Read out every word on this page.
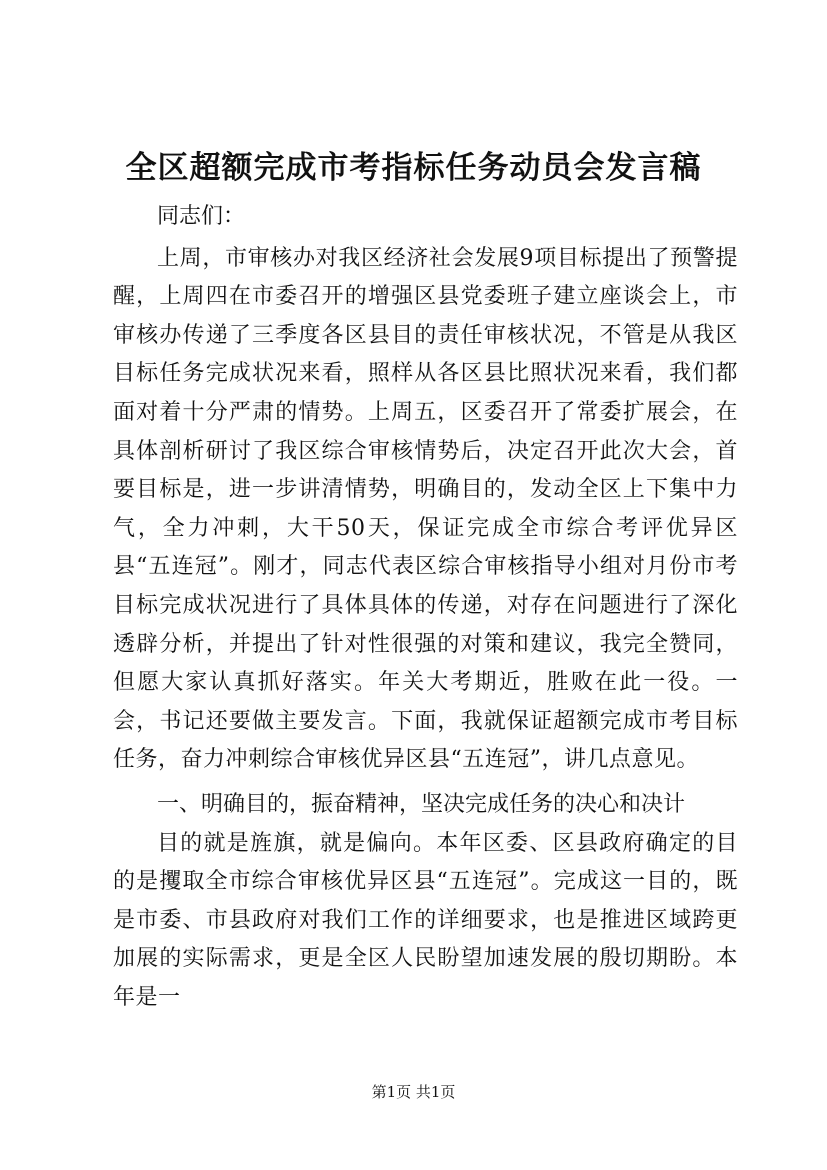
全区超额完成市考指标任务动员会发言稿

同志们：

上周，市审核办对我区经济社会发展9项目标提出了预警提醒，上周四在市委召开的增强区县党委班子建立座谈会上，市审核办传递了三季度各区县目的责任审核状况，不管是从我区目标任务完成状况来看，照样从各区县比照状况来看，我们都面对着十分严肃的情势。上周五，区委召开了常委扩展会，在具体剖析研讨了我区综合审核情势后，决定召开此次大会，首要目标是，进一步讲清情势，明确目的，发动全区上下集中力气，全力冲刺，大干50天，保证完成全市综合考评优异区县“五连冠”。刚才，同志代表区综合审核指导小组对月份市考目标完成状况进行了具体具体的传递，对存在问题进行了深化透辟分析，并提出了针对性很强的对策和建议，我完全赞同，但愿大家认真抓好落实。年关大考期近，胜败在此一役。一会，书记还要做主要发言。下面，我就保证超额完成市考目标任务，奋力冲刺综合审核优异区县“五连冠”，讲几点意见。

一、明确目的，振奋精神，坚决完成任务的决心和决计

目的就是旌旗，就是偏向。本年区委、区县政府确定的目的是攫取全市综合审核优异区县“五连冠”。完成这一目的，既是市委、市县政府对我们工作的详细要求，也是推进区域跨更加展的实际需求，更是全区人民盼望加速发展的殷切期盼。本年是一

第1页 共1页
